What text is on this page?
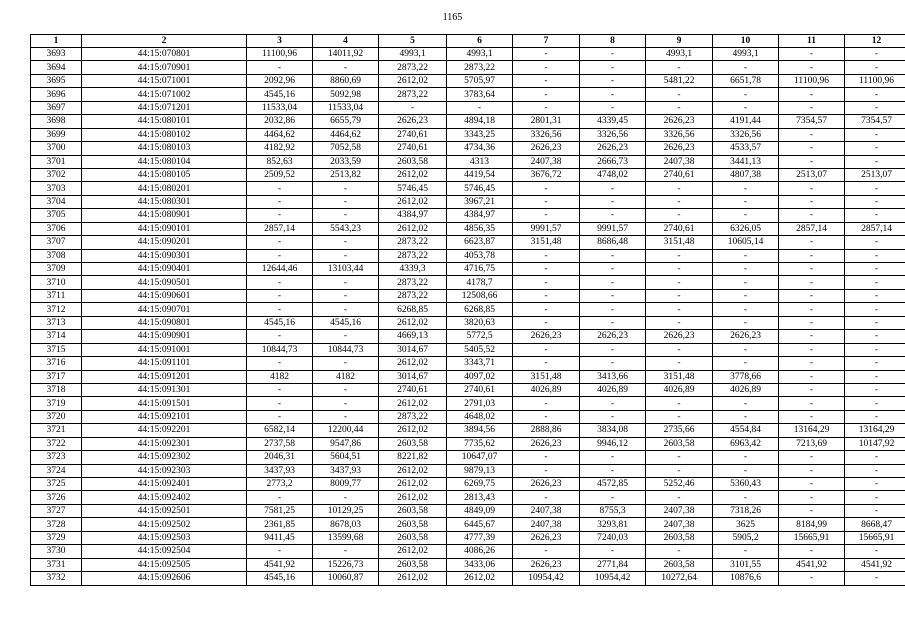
1165
1	2	3	4	5	6	7	8	9	10	11	12
3693	44:15:070801	11100,96	14011,92	4993,1	4993,1	-	-	4993,1	4993,1	-	-
3694	44:15:070901	-	-	2873,22	2873,22	-	-	-	-	-	-
3695	44:15:071001	2092,96	8860,69	2612,02	5705,97	-	-	5481,22	6651,78	11100,96	11100,96
3696	44:15:071002	4545,16	5092,98	2873,22	3783,64	-	-	-	-	-	-
3697	44:15:071201	11533,04	11533,04	-	-	-	-	-	-	-	-
3698	44:15:080101	2032,86	6655,79	2626,23	4894,18	2801,31	4339,45	2626,23	4191,44	7354,57	7354,57
3699	44:15:080102	4464,62	4464,62	2740,61	3343,25	3326,56	3326,56	3326,56	3326,56	-	-
3700	44:15:080103	4182,92	7052,58	2740,61	4734,36	2626,23	2626,23	2626,23	4533,57	-	-
3701	44:15:080104	852,63	2033,59	2603,58	4313	2407,38	2666,73	2407,38	3441,13	-	-
3702	44:15:080105	2509,52	2513,82	2612,02	4419,54	3676,72	4748,02	2740,61	4807,38	2513,07	2513,07
3703	44:15:080201	-	-	5746,45	5746,45	-	-	-	-	-	-
3704	44:15:080301	-	-	2612,02	3967,21	-	-	-	-	-	-
3705	44:15:080901	-	-	4384,97	4384,97	-	-	-	-	-	-
3706	44:15:090101	2857,14	5543,23	2612,02	4856,35	9991,57	9991,57	2740,61	6326,05	2857,14	2857,14
3707	44:15:090201	-	-	2873,22	6623,87	3151,48	8686,48	3151,48	10605,14	-	-
3708	44:15:090301	-	-	2873,22	4053,78	-	-	-	-	-	-
3709	44:15:090401	12644,46	13103,44	4339,3	4716,75	-	-	-	-	-	-
3710	44:15:090501	-	-	2873,22	4178,7	-	-	-	-	-	-
3711	44:15:090601	-	-	2873,22	12508,66	-	-	-	-	-	-
3712	44:15:090701	-	-	6268,85	6268,85	-	-	-	-	-	-
3713	44:15:090801	4545,16	4545,16	2612,02	3820,63	-	-	-	-	-	-
3714	44:15:090901	-	-	4669,13	5772,5	2626,23	2626,23	2626,23	2626,23	-	-
3715	44:15:091001	10844,73	10844,73	3014,67	5405,52	-	-	-	-	-	-
3716	44:15:091101	-	-	2612,02	3343,71	-	-	-	-	-	-
3717	44:15:091201	4182	4182	3014,67	4097,02	3151,48	3413,66	3151,48	3778,66	-	-
3718	44:15:091301	-	-	2740,61	2740,61	4026,89	4026,89	4026,89	4026,89	-	-
3719	44:15:091501	-	-	2612,02	2791,03	-	-	-	-	-	-
3720	44:15:092101	-	-	2873,22	4648,02	-	-	-	-	-	-
3721	44:15:092201	6582,14	12200,44	2612,02	3894,56	2888,86	3834,08	2735,66	4554,84	13164,29	13164,29
3722	44:15:092301	2737,58	9547,86	2603,58	7735,62	2626,23	9946,12	2603,58	6963,42	7213,69	10147,92
3723	44:15:092302	2046,31	5604,51	8221,82	10647,07	-	-	-	-	-	-
3724	44:15:092303	3437,93	3437,93	2612,02	9879,13	-	-	-	-	-	-
3725	44:15:092401	2773,2	8009,77	2612,02	6269,75	2626,23	4572,85	5252,46	5360,43	-	-
3726	44:15:092402	-	-	2612,02	2813,43	-	-	-	-	-	-
3727	44:15:092501	7581,25	10129,25	2603,58	4849,09	2407,38	8755,3	2407,38	7318,26	-	-
3728	44:15:092502	2361,85	8678,03	2603,58	6445,67	2407,38	3293,81	2407,38	3625	8184,99	8668,47
3729	44:15:092503	9411,45	13599,68	2603,58	4777,39	2626,23	7240,03	2603,58	5905,2	15665,91	15665,91
3730	44:15:092504	-	-	2612,02	4086,26	-	-	-	-	-	-
3731	44:15:092505	4541,92	15226,73	2603,58	3433,06	2626,23	2771,84	2603,58	3101,55	4541,92	4541,92
3732	44:15:092606	4545,16	10060,87	2612,02	2612,02	10954,42	10954,42	10272,64	10876,6	-	-
